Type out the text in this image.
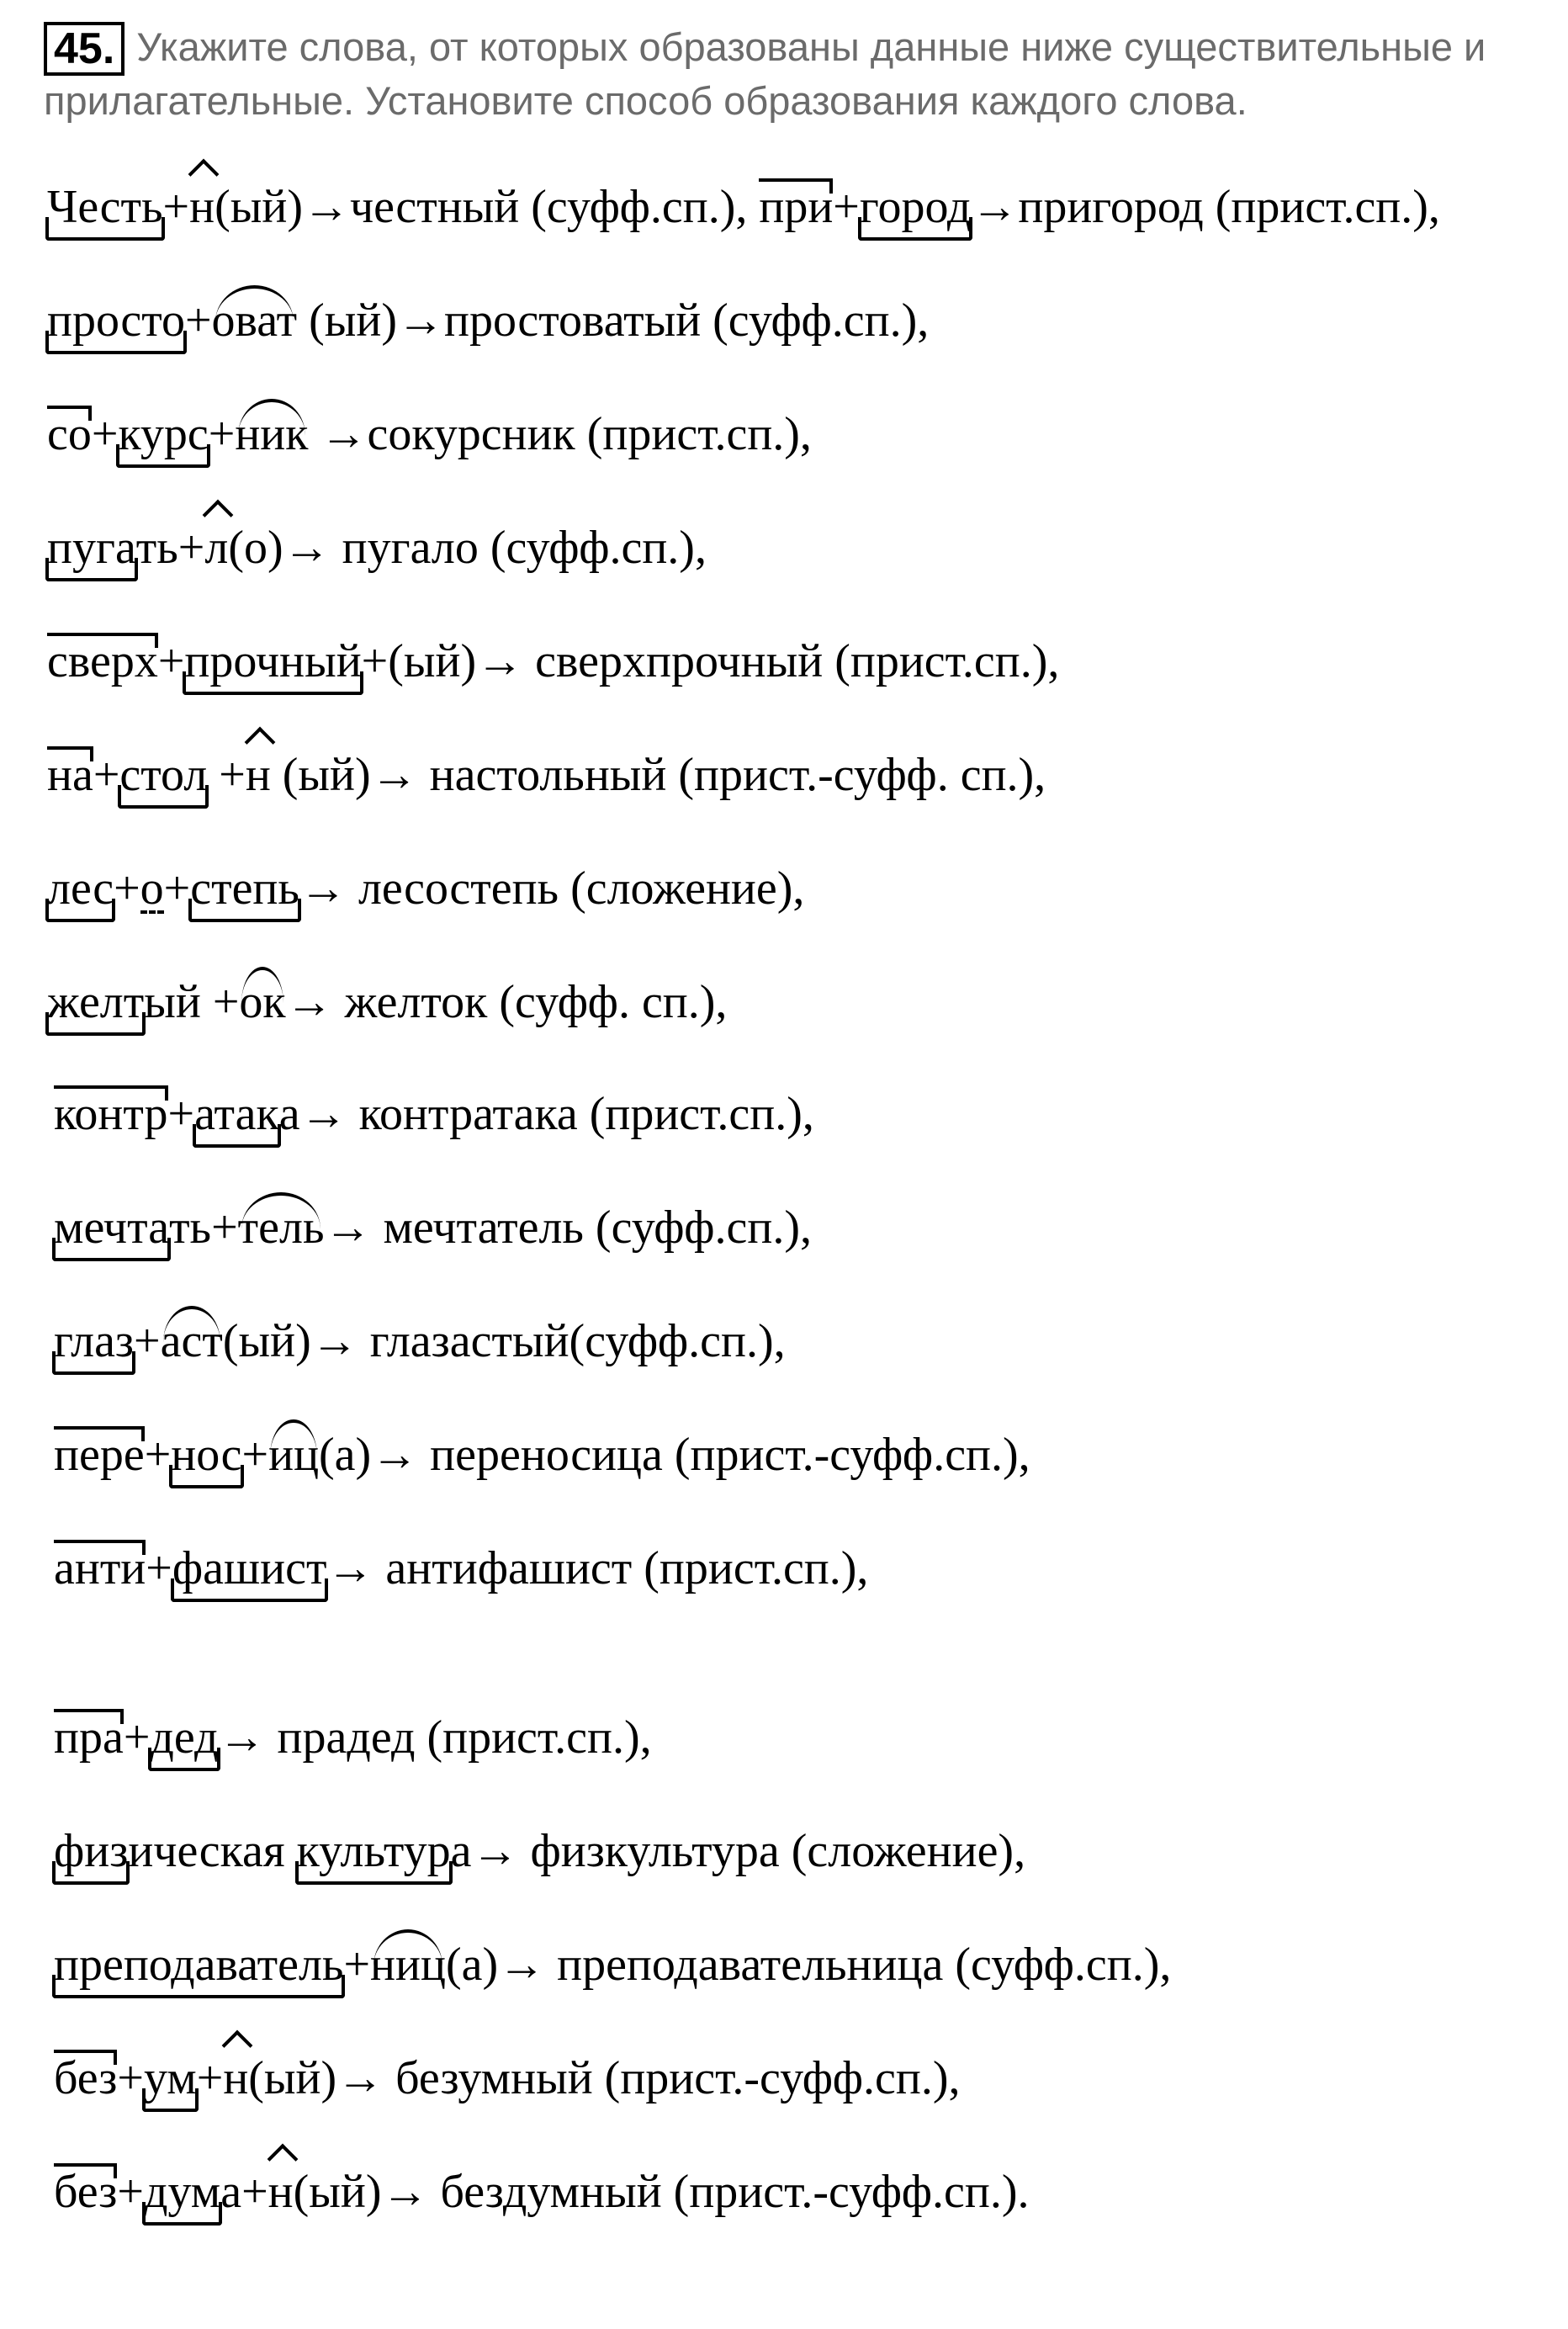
45. Укажите слова, от которых образованы данные ниже существительные и прилагательные. Установите способ образования каждого слова.
Честь+н(ый)→честный (суфф.сп.), при+город→пригород (прист.сп.),
просто+оват (ый)→простоватый (суфф.сп.),
со+курс+ник →сокурсник (прист.сп.),
пугать+л(о)→ пугало (суфф.сп.),
сверх+прочный+(ый)→ сверхпрочный (прист.сп.),
на+стол +н (ый)→ настольный (прист.-суфф. сп.),
лес+о+степь→ лесостепь (сложение),
желтый +ок→ желток (суфф. сп.),
контр+атака→ контратака (прист.сп.),
мечтать+тель→ мечтатель (суфф.сп.),
глаз+аст(ый)→ глазастый(суфф.сп.),
пере+нос+иц(а)→ переносица (прист.-суфф.сп.),
анти+фашист→ антифашист (прист.сп.),
пра+дед→ прадед (прист.сп.),
физическая культура→ физкультура (сложение),
преподаватель+ниц(а)→ преподавательница (суфф.сп.),
без+ум+н(ый)→ безумный (прист.-суфф.сп.),
без+дума+н(ый)→ бездумный (прист.-суфф.сп.).
